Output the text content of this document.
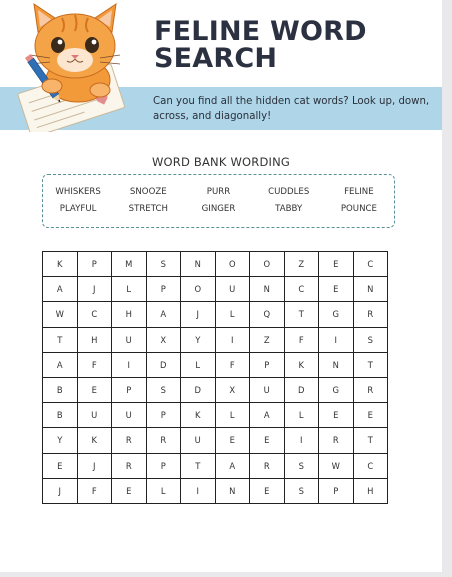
FELINE WORD
SEARCH

Can you find all the hidden cat words? Look up, down, across, and diagonally!

WORD BANK WORDING
WHISKERS	SNOOZE	PURR	CUDDLES	FELINE
PLAYFUL	STRETCH	GINGER	TABBY	POUNCE
K	P	M	S	N	O	O	Z	E	C
A	J	L	P	O	U	N	C	E	N
W	C	H	A	J	L	Q	T	G	R
T	H	U	X	Y	I	Z	F	I	S
A	F	I	D	L	F	P	K	N	T
B	E	P	S	D	X	U	D	G	R
B	U	U	P	K	L	A	L	E	E
Y	K	R	R	U	E	E	I	R	T
E	J	R	P	T	A	R	S	W	C
J	F	E	L	I	N	E	S	P	H
